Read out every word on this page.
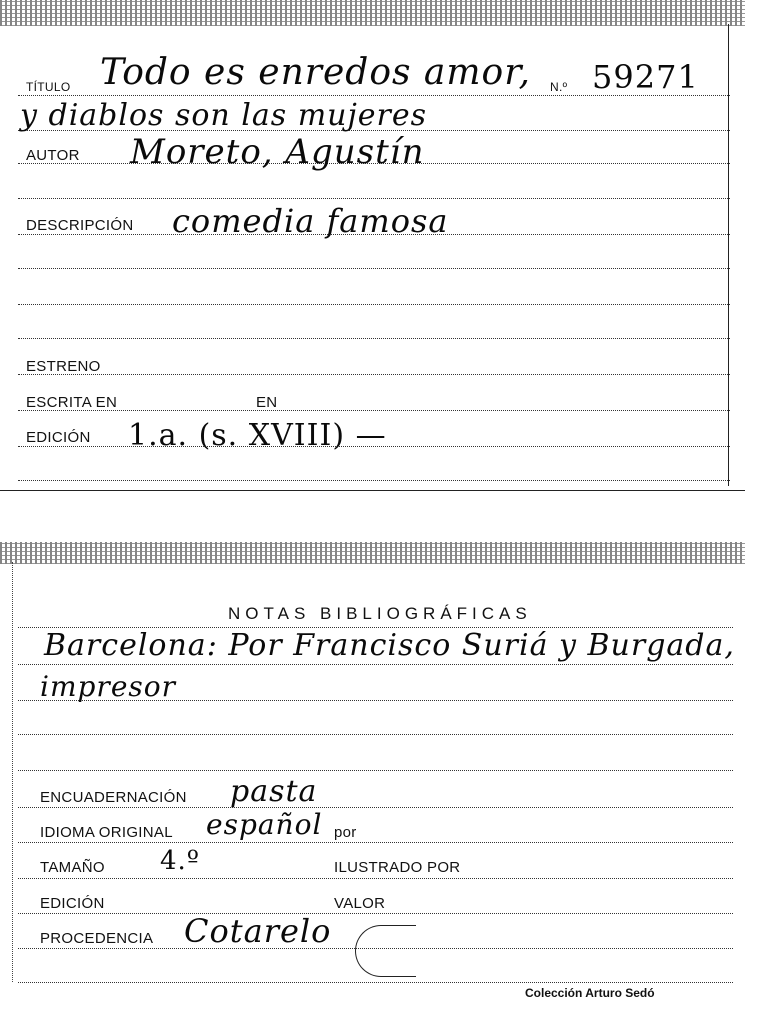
TÍTULO Todo es enredos amor, N.º 59271
y diablos son las mujeres
AUTOR Moreto, Agustín
DESCRIPCIÓN comedia famosa
ESTRENO
ESCRITA EN	EN
EDICIÓN 1.a. (s. XVIII) —
NOTAS BIBLIOGRÁFICAS
Barcelona: Por Francisco Suriá y Burgada,
impresor
ENCUADERNACIÓN pasta
IDIOMA ORIGINAL español por
TAMAÑO 4.º	ILUSTRADO POR
EDICIÓN	VALOR
PROCEDENCIA Cotarelo
Colección Arturo Sedó
